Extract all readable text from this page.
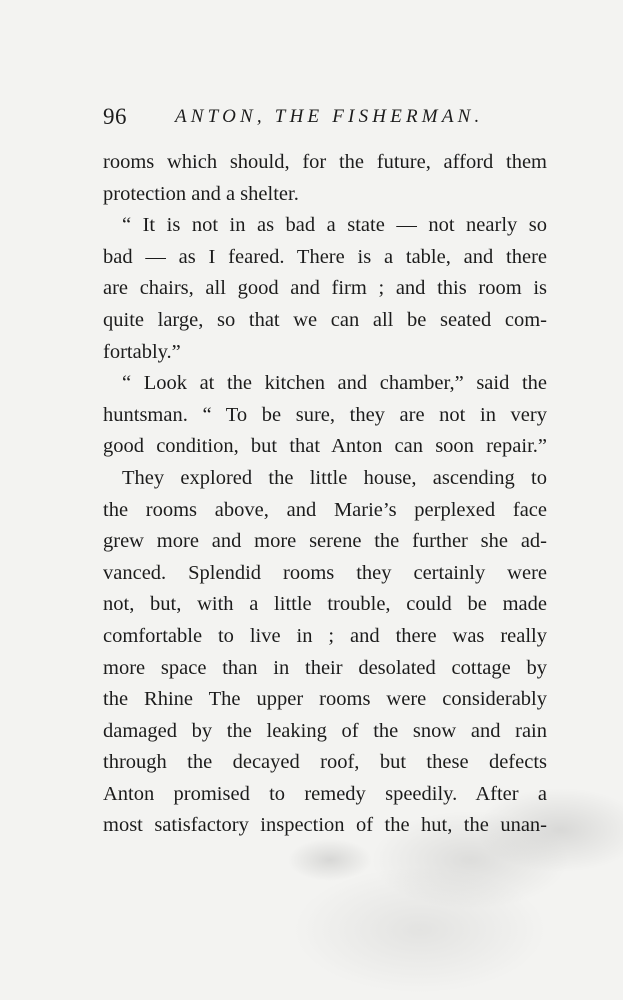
96	ANTON, THE FISHERMAN.
rooms which should, for the future, afford them
protection and a shelter.
“ It is not in as bad a state — not nearly so
bad — as I feared. There is a table, and there
are chairs, all good and firm ; and this room is
quite large, so that we can all be seated com-
fortably.”
“ Look at the kitchen and chamber,” said the
huntsman. “ To be sure, they are not in very
good condition, but that Anton can soon repair.”
They explored the little house, ascending to
the rooms above, and Marie’s perplexed face
grew more and more serene the further she ad-
vanced. Splendid rooms they certainly were
not, but, with a little trouble, could be made
comfortable to live in ; and there was really
more space than in their desolated cottage by
the Rhine The upper rooms were considerably
damaged by the leaking of the snow and rain
through the decayed roof, but these defects
Anton promised to remedy speedily. After a
most satisfactory inspection of the hut, the unan-
